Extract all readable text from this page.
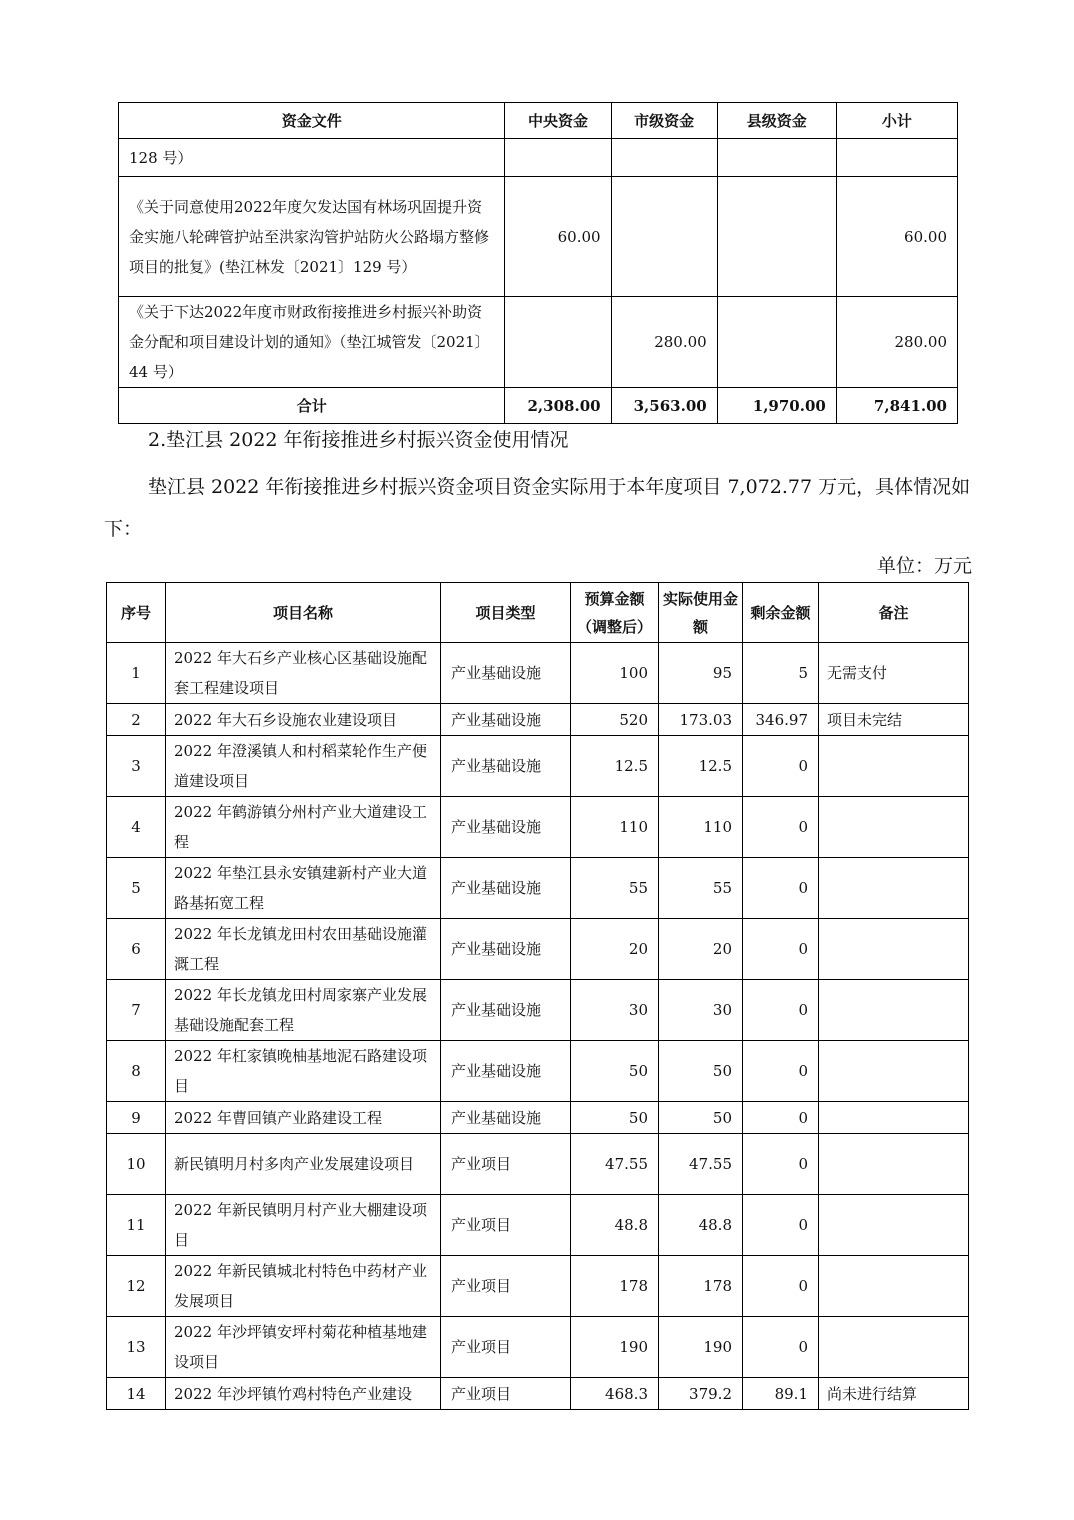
资金文件	中央资金	市级资金	县级资金	小计
128 号）				
《关于同意使用2022年度欠发达国有林场巩固提升资金实施八轮碑管护站至洪家沟管护站防火公路塌方整修项目的批复》(垫江林发〔2021〕129 号）	60.00			60.00
《关于下达2022年度市财政衔接推进乡村振兴补助资金分配和项目建设计划的通知》（垫江城管发〔2021〕44 号）		280.00		280.00
合计	2,308.00	3,563.00	1,970.00	7,841.00
2.垫江县 2022 年衔接推进乡村振兴资金使用情况
垫江县 2022 年衔接推进乡村振兴资金项目资金实际用于本年度项目 7,072.77 万元，具体情况如下：
单位：万元
序号	项目名称	项目类型	预算金额（调整后）	实际使用金额	剩余金额	备注
1	2022 年大石乡产业核心区基础设施配套工程建设项目	产业基础设施	100	95	5	无需支付
2	2022 年大石乡设施农业建设项目	产业基础设施	520	173.03	346.97	项目未完结
3	2022 年澄溪镇人和村稻菜轮作生产便道建设项目	产业基础设施	12.5	12.5	0	
4	2022 年鹤游镇分州村产业大道建设工程	产业基础设施	110	110	0	
5	2022 年垫江县永安镇建新村产业大道路基拓宽工程	产业基础设施	55	55	0	
6	2022 年长龙镇龙田村农田基础设施灌溉工程	产业基础设施	20	20	0	
7	2022 年长龙镇龙田村周家寨产业发展基础设施配套工程	产业基础设施	30	30	0	
8	2022 年杠家镇晚柚基地泥石路建设项目	产业基础设施	50	50	0	
9	2022 年曹回镇产业路建设工程	产业基础设施	50	50	0	
10	新民镇明月村多肉产业发展建设项目	产业项目	47.55	47.55	0	
11	2022 年新民镇明月村产业大棚建设项目	产业项目	48.8	48.8	0	
12	2022 年新民镇城北村特色中药材产业发展项目	产业项目	178	178	0	
13	2022 年沙坪镇安坪村菊花种植基地建设项目	产业项目	190	190	0	
14	2022 年沙坪镇竹鸡村特色产业建设	产业项目	468.3	379.2	89.1	尚未进行结算
